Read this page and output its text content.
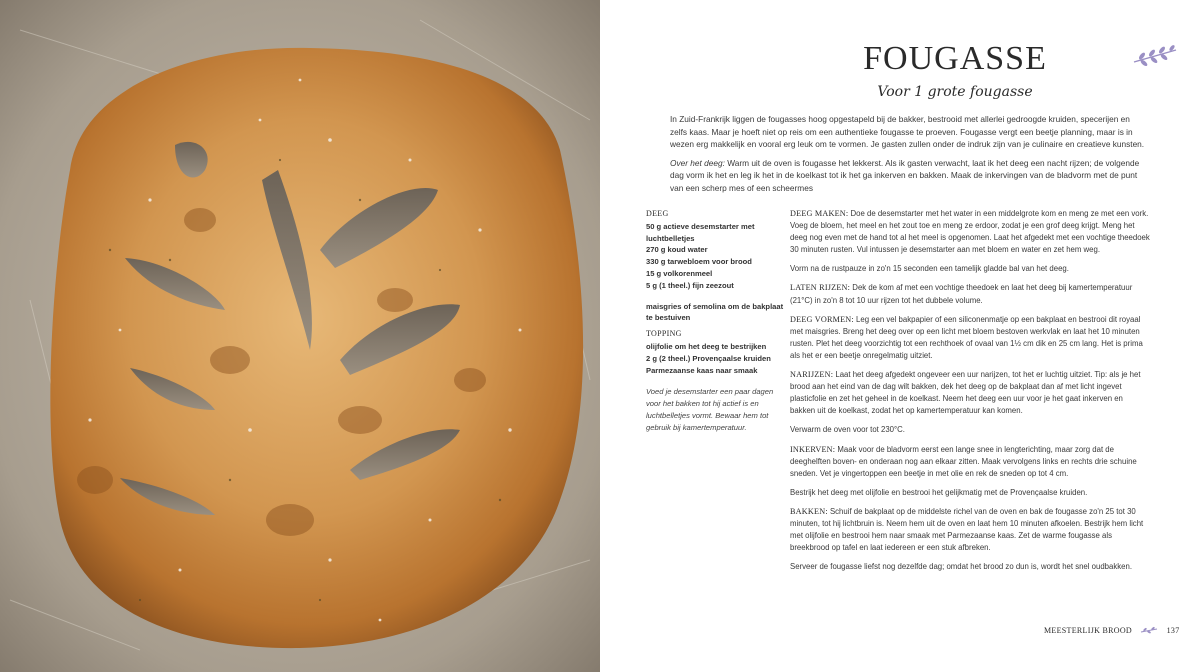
FOUGASSE
Voor 1 grote fougasse

In Zuid-Frankrijk liggen de fougasses hoog opgestapeld bij de bakker, bestrooid met allerlei gedroogde kruiden, specerijen en zelfs kaas. Maar je hoeft niet op reis om een authentieke fougasse te proeven. Fougasse vergt een beetje planning, maar is in wezen erg makkelijk en vooral erg leuk om te vormen. Je gasten zullen onder de indruk zijn van je culinaire en creatieve kunsten.

Over het deeg: Warm uit de oven is fougasse het lekkerst. Als ik gasten verwacht, laat ik het deeg een nacht rijzen; de volgende dag vorm ik het en leg ik het in de koelkast tot ik het ga inkerven en bakken. Maak de inkervingen van de bladvorm met de punt van een scherp mes of een scheermes

DEEG
50 g actieve desemstarter met luchtbelletjes
270 g koud water
330 g tarwebloem voor brood
15 g volkorenmeel
5 g (1 theel.) fijn zeezout
maisgries of semolina om de bakplaat te bestuiven
TOPPING
olijfolie om het deeg te bestrijken
2 g (2 theel.) Provençaalse kruiden
Parmezaanse kaas naar smaak
Voed je desemstarter een paar dagen voor het bakken tot hij actief is en luchtbelletjes vormt. Bewaar hem tot gebruik bij kamertemperatuur.

DEEG MAKEN: Doe de desemstarter met het water in een middelgrote kom en meng ze met een vork. Voeg de bloem, het meel en het zout toe en meng ze erdoor, zodat je een grof deeg krijgt. Meng het deeg nog even met de hand tot al het meel is opgenomen. Laat het afgedekt met een vochtige theedoek 30 minuten rusten. Vul intussen je desemstarter aan met bloem en water en zet hem weg.

Vorm na de rustpauze in zo'n 15 seconden een tamelijk gladde bal van het deeg.

LATEN RIJZEN: Dek de kom af met een vochtige theedoek en laat het deeg bij kamertemperatuur (21°C) in zo'n 8 tot 10 uur rijzen tot het dubbele volume.

DEEG VORMEN: Leg een vel bakpapier of een siliconenmatje op een bakplaat en bestrooi dit royaal met maisgries. Breng het deeg over op een licht met bloem bestoven werkvlak en laat het 10 minuten rusten. Plet het deeg voorzichtig tot een rechthoek of ovaal van 1½ cm dik en 25 cm lang. Het is prima als het er een beetje onregelmatig uitziet.

NARIJZEN: Laat het deeg afgedekt ongeveer een uur narijzen, tot het er luchtig uitziet. Tip: als je het brood aan het eind van de dag wilt bakken, dek het deeg op de bakplaat dan af met licht ingevet plasticfolie en zet het geheel in de koelkast. Neem het deeg een uur voor je het gaat inkerven en bakken uit de koelkast, zodat het op kamertemperatuur kan komen.

Verwarm de oven voor tot 230°C.

INKERVEN: Maak voor de bladvorm eerst een lange snee in lengterichting, maar zorg dat de deeghelften boven- en onderaan nog aan elkaar zitten. Maak vervolgens links en rechts drie schuine sneden. Vet je vingertoppen een beetje in met olie en rek de sneden op tot 4 cm.

Bestrijk het deeg met olijfolie en bestrooi het gelijkmatig met de Provençaalse kruiden.

BAKKEN: Schuif de bakplaat op de middelste richel van de oven en bak de fougasse zo'n 25 tot 30 minuten, tot hij lichtbruin is. Neem hem uit de oven en laat hem 10 minuten afkoelen. Bestrijk hem licht met olijfolie en bestrooi hem naar smaak met Parmezaanse kaas. Zet de warme fougasse als breekbrood op tafel en laat iedereen er een stuk afbreken.

Serveer de fougasse liefst nog dezelfde dag; omdat het brood zo dun is, wordt het snel oudbakken.

MEESTERLIJK BROOD	137
